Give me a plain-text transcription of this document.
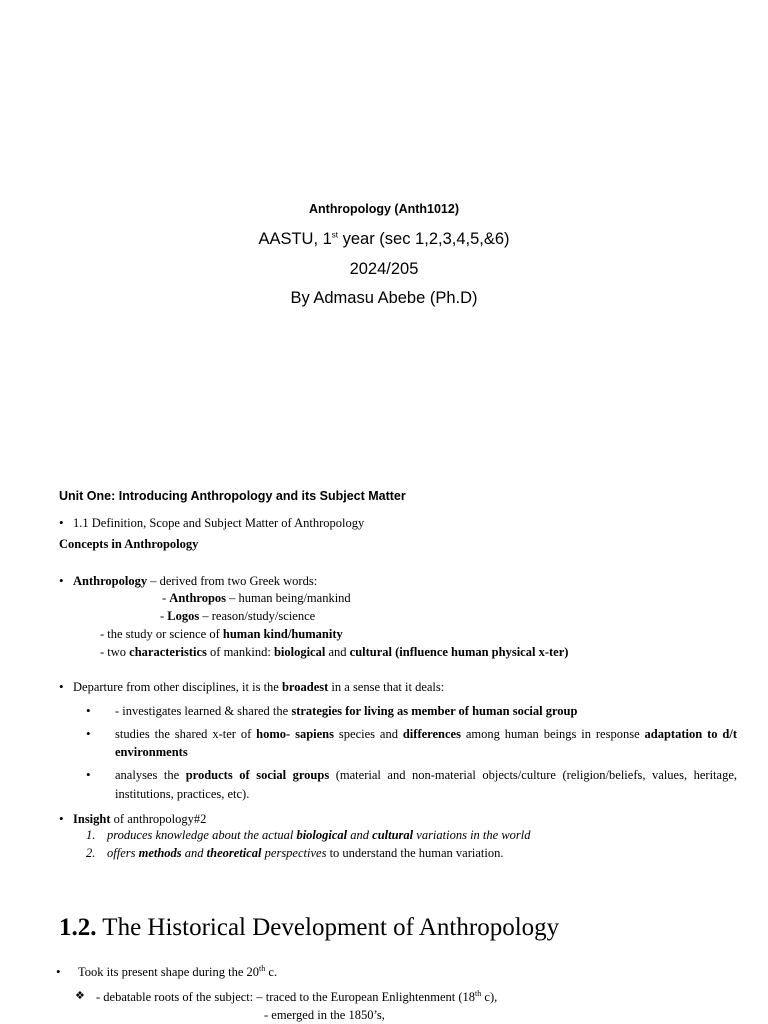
Anthropology (Anth1012)
AASTU, 1st year (sec 1,2,3,4,5,&6)
2024/205
By Admasu Abebe (Ph.D)
Unit One: Introducing Anthropology and its Subject Matter
• 1.1 Definition, Scope and Subject Matter of Anthropology
Concepts in Anthropology
• Anthropology – derived from two Greek words:
- Anthropos – human being/mankind
- Logos – reason/study/science
- the study or science of human kind/humanity
- two characteristics of mankind: biological and cultural (influence human physical x-ter)
• Departure from other disciplines, it is the broadest in a sense that it deals:
• - investigates learned & shared the strategies for living as member of human social group
• studies the shared x-ter of homo- sapiens species and differences among human beings in response adaptation to d/t
environments
• analyses the products of social groups (material and non-material objects/culture (religion/beliefs, values, heritage,
institutions, practices, etc).
• Insight of anthropology#2
1. produces knowledge about the actual biological and cultural variations in the world
2. offers methods and theoretical perspectives to understand the human variation.
1.2. The Historical Development of Anthropology
• Took its present shape during the 20th c.
❖ - debatable roots of the subject: – traced to the European Enlightenment (18th c),
- emerged in the 1850’s,
